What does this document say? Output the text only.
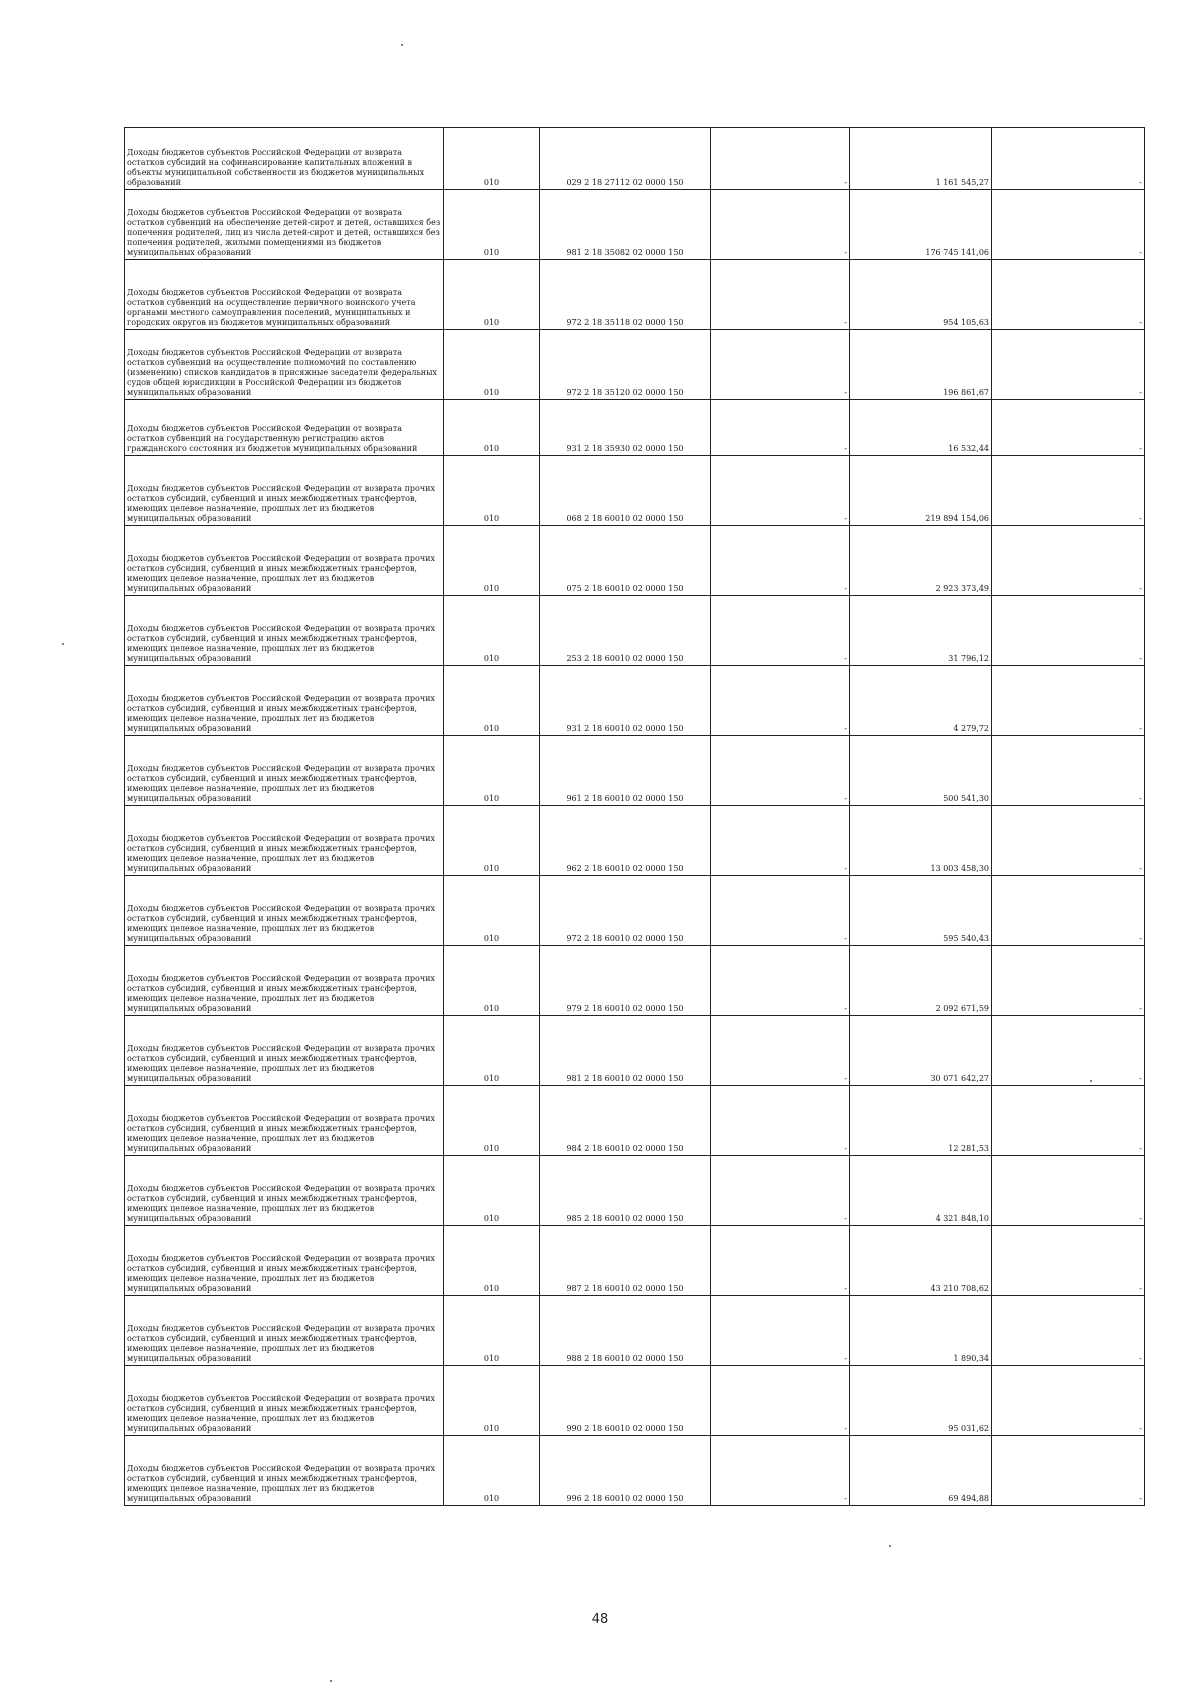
Доходы бюджетов субъектов Российской Федерации от возврата остатков субсидий на софинансирование капитальных вложений в объекты муниципальной собственности из бюджетов муниципальных образований	010	029 2 18 27112 02 0000 150	-	1 161 545,27	-
Доходы бюджетов субъектов Российской Федерации от возврата остатков субвенций на обеспечение детей-сирот и детей, оставшихся без попечения родителей, лиц из числа детей-сирот и детей, оставшихся без попечения родителей, жилыми помещениями из бюджетов муниципальных образований	010	981 2 18 35082 02 0000 150	-	176 745 141,06	-
Доходы бюджетов субъектов Российской Федерации от возврата остатков субвенций на осуществление первичного воинского учета органами местного самоуправления поселений, муниципальных и городских округов из бюджетов муниципальных образований	010	972 2 18 35118 02 0000 150	-	954 105,63	-
Доходы бюджетов субъектов Российской Федерации от возврата остатков субвенций на осуществление полномочий по составлению (изменению) списков кандидатов в присяжные заседатели федеральных судов общей юрисдикции в Российской Федерации из бюджетов муниципальных образований	010	972 2 18 35120 02 0000 150	-	196 861,67	-
Доходы бюджетов субъектов Российской Федерации от возврата остатков субвенций на государственную регистрацию актов гражданского состояния из бюджетов муниципальных образований	010	931 2 18 35930 02 0000 150	-	16 532,44	-
Доходы бюджетов субъектов Российской Федерации от возврата прочих остатков субсидий, субвенций и иных межбюджетных трансфертов, имеющих целевое назначение, прошлых лет из бюджетов муниципальных образований	010	068 2 18 60010 02 0000 150	-	219 894 154,06	-
Доходы бюджетов субъектов Российской Федерации от возврата прочих остатков субсидий, субвенций и иных межбюджетных трансфертов, имеющих целевое назначение, прошлых лет из бюджетов муниципальных образований	010	075 2 18 60010 02 0000 150	-	2 923 373,49	-
Доходы бюджетов субъектов Российской Федерации от возврата прочих остатков субсидий, субвенций и иных межбюджетных трансфертов, имеющих целевое назначение, прошлых лет из бюджетов муниципальных образований	010	253 2 18 60010 02 0000 150	-	31 796,12	-
Доходы бюджетов субъектов Российской Федерации от возврата прочих остатков субсидий, субвенций и иных межбюджетных трансфертов, имеющих целевое назначение, прошлых лет из бюджетов муниципальных образований	010	931 2 18 60010 02 0000 150	-	4 279,72	-
Доходы бюджетов субъектов Российской Федерации от возврата прочих остатков субсидий, субвенций и иных межбюджетных трансфертов, имеющих целевое назначение, прошлых лет из бюджетов муниципальных образований	010	961 2 18 60010 02 0000 150	-	500 541,30	-
Доходы бюджетов субъектов Российской Федерации от возврата прочих остатков субсидий, субвенций и иных межбюджетных трансфертов, имеющих целевое назначение, прошлых лет из бюджетов муниципальных образований	010	962 2 18 60010 02 0000 150	-	13 003 458,30	-
Доходы бюджетов субъектов Российской Федерации от возврата прочих остатков субсидий, субвенций и иных межбюджетных трансфертов, имеющих целевое назначение, прошлых лет из бюджетов муниципальных образований	010	972 2 18 60010 02 0000 150	-	595 540,43	-
Доходы бюджетов субъектов Российской Федерации от возврата прочих остатков субсидий, субвенций и иных межбюджетных трансфертов, имеющих целевое назначение, прошлых лет из бюджетов муниципальных образований	010	979 2 18 60010 02 0000 150	-	2 092 671,59	-
Доходы бюджетов субъектов Российской Федерации от возврата прочих остатков субсидий, субвенций и иных межбюджетных трансфертов, имеющих целевое назначение, прошлых лет из бюджетов муниципальных образований	010	981 2 18 60010 02 0000 150	-	30 071 642,27	-
Доходы бюджетов субъектов Российской Федерации от возврата прочих остатков субсидий, субвенций и иных межбюджетных трансфертов, имеющих целевое назначение, прошлых лет из бюджетов муниципальных образований	010	984 2 18 60010 02 0000 150	-	12 281,53	-
Доходы бюджетов субъектов Российской Федерации от возврата прочих остатков субсидий, субвенций и иных межбюджетных трансфертов, имеющих целевое назначение, прошлых лет из бюджетов муниципальных образований	010	985 2 18 60010 02 0000 150	-	4 321 848,10	-
Доходы бюджетов субъектов Российской Федерации от возврата прочих остатков субсидий, субвенций и иных межбюджетных трансфертов, имеющих целевое назначение, прошлых лет из бюджетов муниципальных образований	010	987 2 18 60010 02 0000 150	-	43 210 708,62	-
Доходы бюджетов субъектов Российской Федерации от возврата прочих остатков субсидий, субвенций и иных межбюджетных трансфертов, имеющих целевое назначение, прошлых лет из бюджетов муниципальных образований	010	988 2 18 60010 02 0000 150	-	1 890,34	-
Доходы бюджетов субъектов Российской Федерации от возврата прочих остатков субсидий, субвенций и иных межбюджетных трансфертов, имеющих целевое назначение, прошлых лет из бюджетов муниципальных образований	010	990 2 18 60010 02 0000 150	-	95 031,62	-
Доходы бюджетов субъектов Российской Федерации от возврата прочих остатков субсидий, субвенций и иных межбюджетных трансфертов, имеющих целевое назначение, прошлых лет из бюджетов муниципальных образований	010	996 2 18 60010 02 0000 150	-	69 494,88	-
48
